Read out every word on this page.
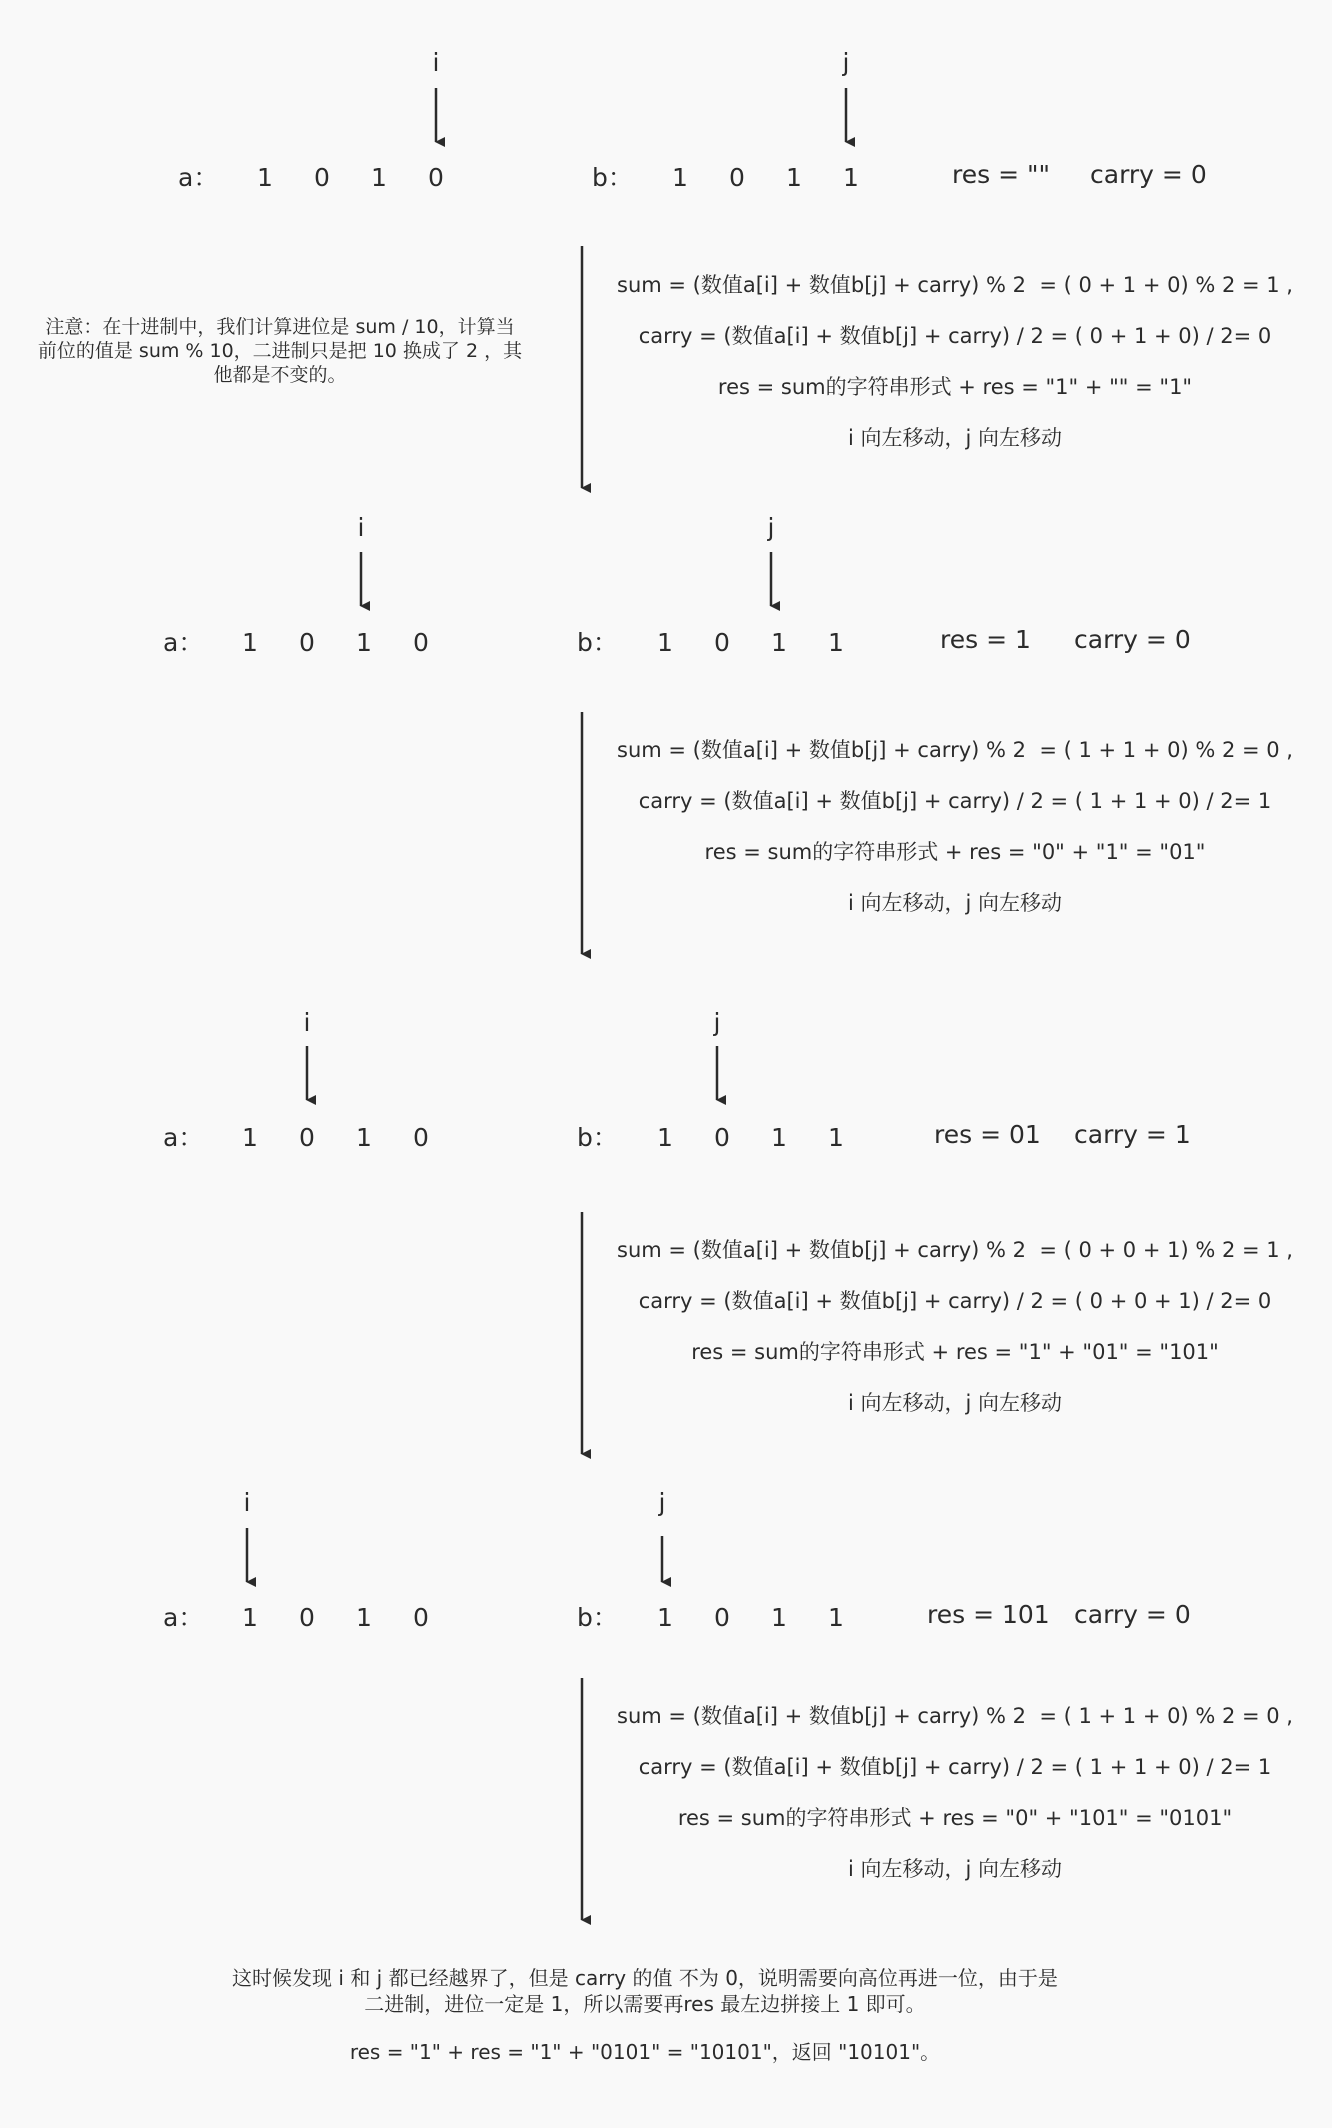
i	j
a： 1 0 1 0	b： 1 0 1 1	res = "" carry = 0
sum = (数值a[i] + 数值b[j] + carry) % 2  = ( 0 + 1 + 0) % 2 = 1 ,
carry = (数值a[i] + 数值b[j] + carry) / 2 = ( 0 + 1 + 0) / 2= 0
res = sum的字符串形式 + res = "1" + "" = "1"
i 向左移动，j 向左移动
注意：在十进制中，我们计算进位是 sum / 10，计算当
前位的值是 sum % 10，二进制只是把 10 换成了 2 ，其
他都是不变的。
i	j
a： 1 0 1 0	b： 1 0 1 1	res = 1 carry = 0
sum = (数值a[i] + 数值b[j] + carry) % 2  = ( 1 + 1 + 0) % 2 = 0 ,
carry = (数值a[i] + 数值b[j] + carry) / 2 = ( 1 + 1 + 0) / 2= 1
res = sum的字符串形式 + res = "0" + "1" = "01"
i 向左移动，j 向左移动
i	j
a： 1 0 1 0	b： 1 0 1 1	res = 01 carry = 1
sum = (数值a[i] + 数值b[j] + carry) % 2  = ( 0 + 0 + 1) % 2 = 1 ,
carry = (数值a[i] + 数值b[j] + carry) / 2 = ( 0 + 0 + 1) / 2= 0
res = sum的字符串形式 + res = "1" + "01" = "101"
i 向左移动，j 向左移动
i	j
a： 1 0 1 0	b： 1 0 1 1	res = 101 carry = 0
sum = (数值a[i] + 数值b[j] + carry) % 2  = ( 1 + 1 + 0) % 2 = 0 ,
carry = (数值a[i] + 数值b[j] + carry) / 2 = ( 1 + 1 + 0) / 2= 1
res = sum的字符串形式 + res = "0" + "101" = "0101"
i 向左移动，j 向左移动
这时候发现 i 和 j 都已经越界了，但是 carry 的值 不为 0，说明需要向高位再进一位，由于是
二进制，进位一定是 1，所以需要再res 最左边拼接上 1 即可。
res = "1" + res = "1" + "0101" = "10101"，返回 "10101"。
